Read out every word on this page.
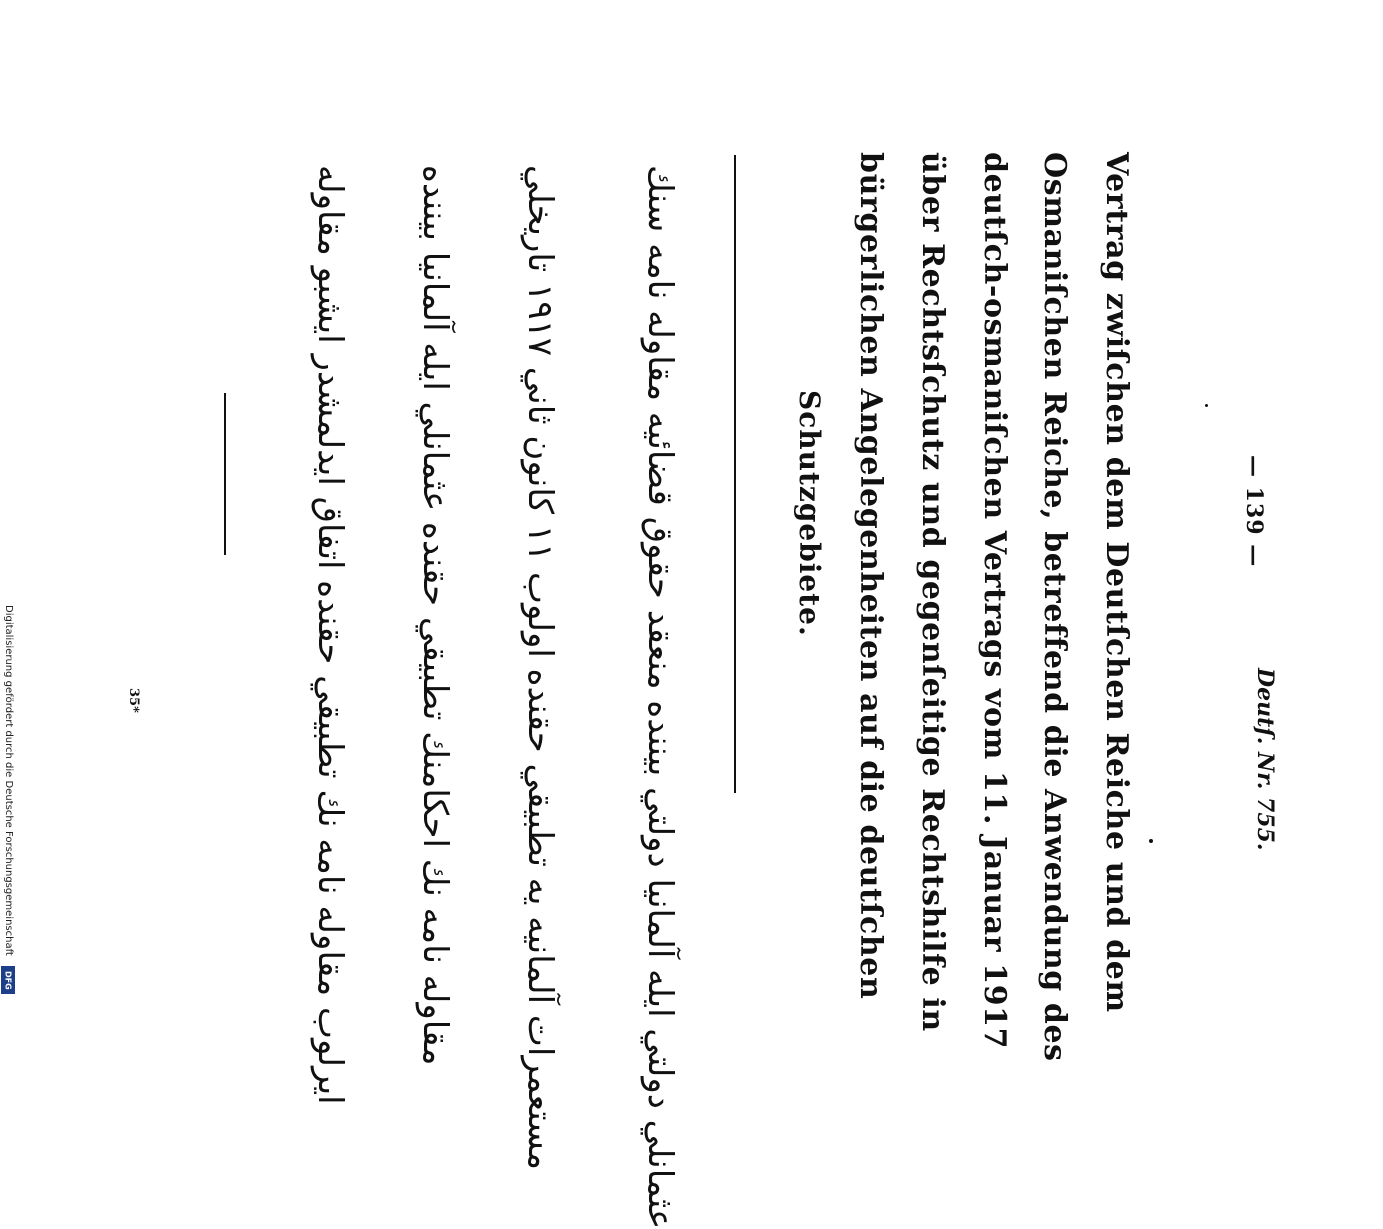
— 139 —
Deutſ. Nr. 755.
Vertrag zwiſchen dem Deutſchen Reiche und dem
Osmaniſchen Reiche, betreffend die Anwendung des
deutſch-osmaniſchen Vertrags vom 11. Januar 1917
über Rechtsſchutz und gegenſeitige Rechtshilfe in
bürgerlichen Angelegenheiten auf die deutſchen
Schutzgebiete.
عثمانلي دولتي ايله آلمانيا دولتي بيننده منعقد حقوق قضائيه مقاوله نامه سنك
مستعمرات آلمانيه يه تطبيقي حقنده اولوب ١١ كانون ثاني ١٩١٧ تاريخلي
مقاوله نامه نك احكامنك تطبيقي حقنده عثمانلي ايله آلمانيا بيننده
ايرلوب مقاوله نامه نك تطبيقي حقنده اتفاق ايدلمشدر ايشبو مقاوله
35*
Digitalisierung gefördert durch die Deutsche Forschungsgemeinschaft
DFG
